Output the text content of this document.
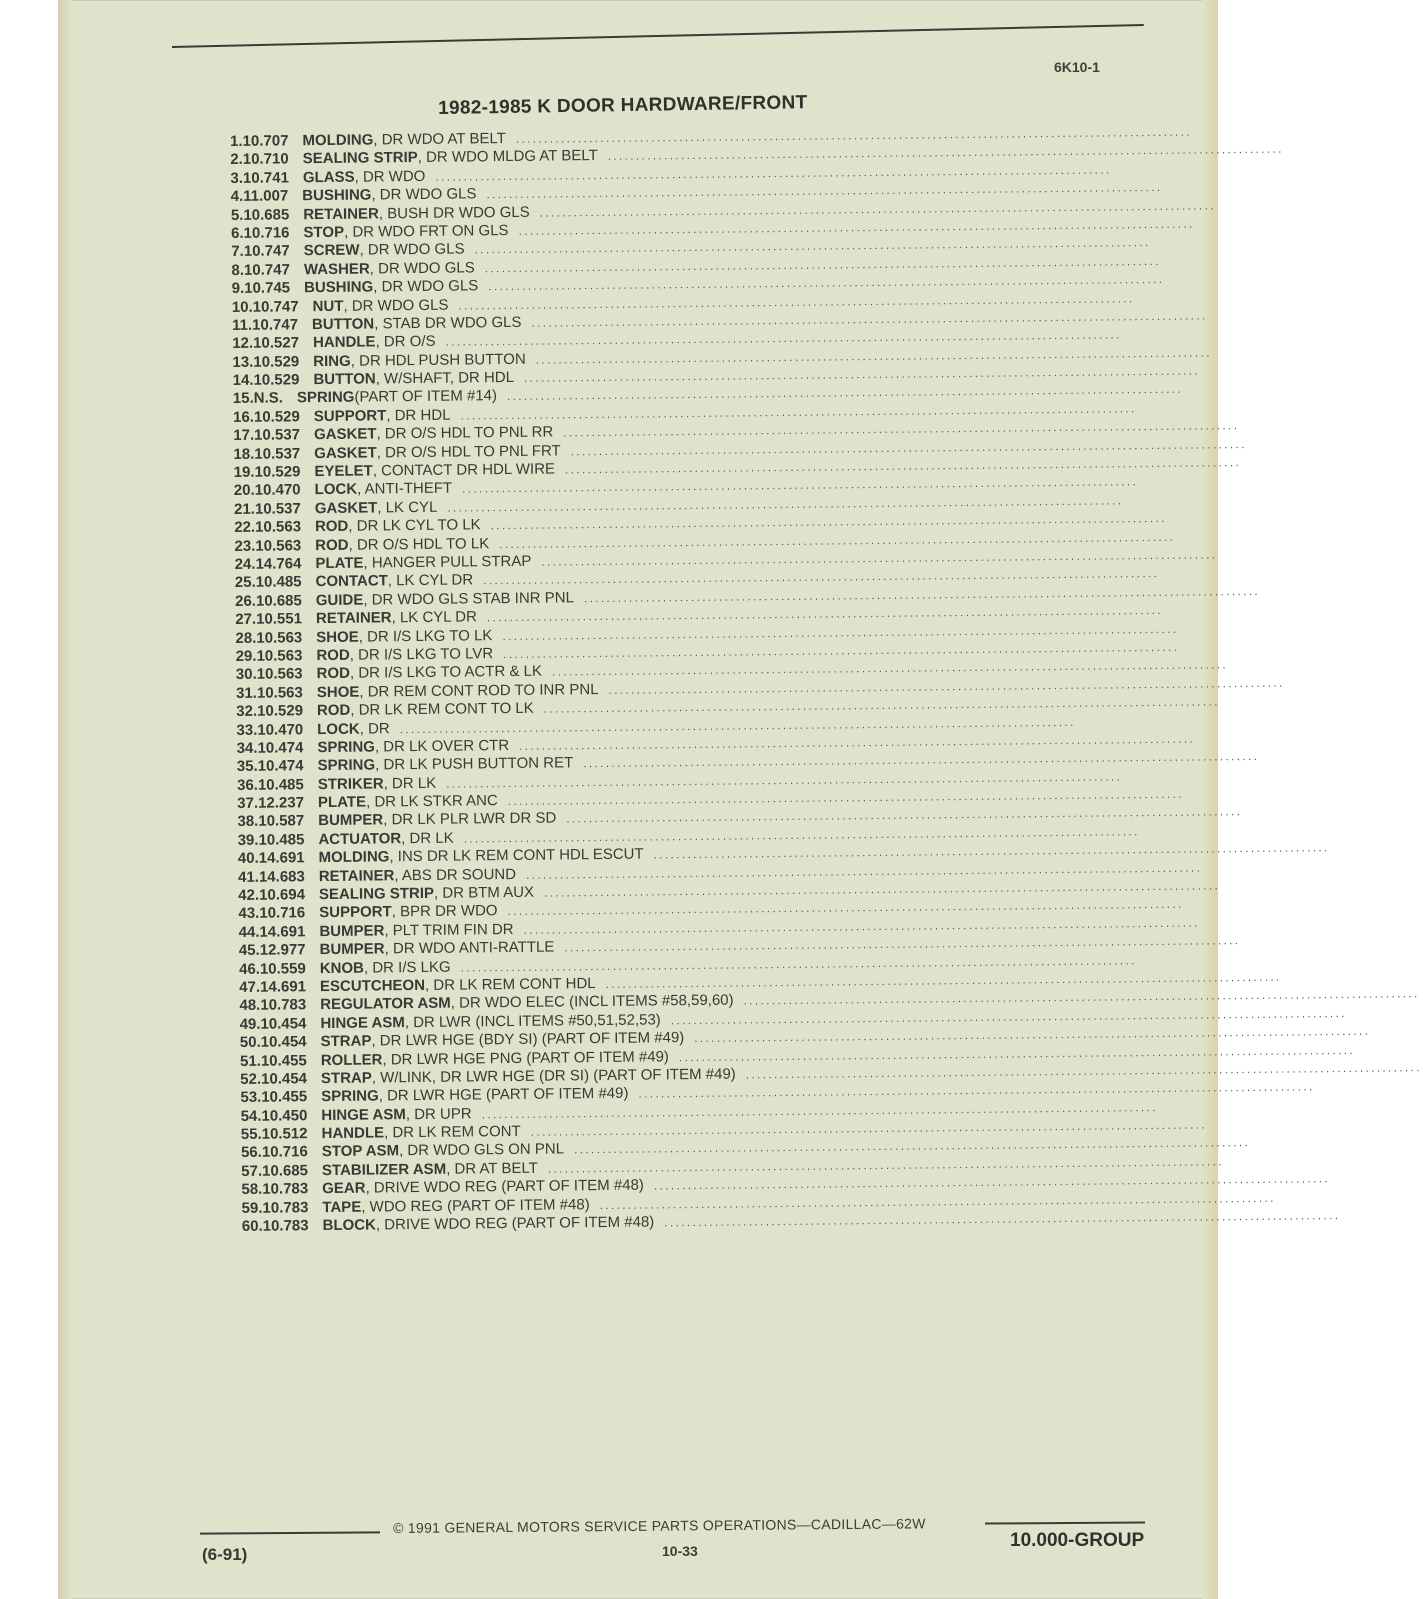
6K10-1
1982-1985 K DOOR HARDWARE/FRONT
1. 10.707 MOLDING , DR WDO AT BELT ........................................................................................................................
2. 10.710 SEALING STRIP , DR WDO MLDG AT BELT ........................................................................................................................
3. 10.741 GLASS , DR WDO ........................................................................................................................
4. 11.007 BUSHING , DR WDO GLS ........................................................................................................................
5. 10.685 RETAINER , BUSH DR WDO GLS ........................................................................................................................
6. 10.716 STOP , DR WDO FRT ON GLS ........................................................................................................................
7. 10.747 SCREW , DR WDO GLS ........................................................................................................................
8. 10.747 WASHER , DR WDO GLS ........................................................................................................................
9. 10.745 BUSHING , DR WDO GLS ........................................................................................................................
10. 10.747 NUT , DR WDO GLS ........................................................................................................................
11. 10.747 BUTTON , STAB DR WDO GLS ........................................................................................................................
12. 10.527 HANDLE , DR O/S ........................................................................................................................
13. 10.529 RING , DR HDL PUSH BUTTON ........................................................................................................................
14. 10.529 BUTTON , W/SHAFT, DR HDL ........................................................................................................................
15. N.S. SPRING (PART OF ITEM #14) ........................................................................................................................
16. 10.529 SUPPORT , DR HDL ........................................................................................................................
17. 10.537 GASKET , DR O/S HDL TO PNL RR ........................................................................................................................
18. 10.537 GASKET , DR O/S HDL TO PNL FRT ........................................................................................................................
19. 10.529 EYELET , CONTACT DR HDL WIRE ........................................................................................................................
20. 10.470 LOCK , ANTI-THEFT ........................................................................................................................
21. 10.537 GASKET , LK CYL ........................................................................................................................
22. 10.563 ROD , DR LK CYL TO LK ........................................................................................................................
23. 10.563 ROD , DR O/S HDL TO LK ........................................................................................................................
24. 14.764 PLATE , HANGER PULL STRAP ........................................................................................................................
25. 10.485 CONTACT , LK CYL DR ........................................................................................................................
26. 10.685 GUIDE , DR WDO GLS STAB INR PNL ........................................................................................................................
27. 10.551 RETAINER , LK CYL DR ........................................................................................................................
28. 10.563 SHOE , DR I/S LKG TO LK ........................................................................................................................
29. 10.563 ROD , DR I/S LKG TO LVR ........................................................................................................................
30. 10.563 ROD , DR I/S LKG TO ACTR & LK ........................................................................................................................
31. 10.563 SHOE , DR REM CONT ROD TO INR PNL ........................................................................................................................
32. 10.529 ROD , DR LK REM CONT TO LK ........................................................................................................................
33. 10.470 LOCK , DR ........................................................................................................................
34. 10.474 SPRING , DR LK OVER CTR ........................................................................................................................
35. 10.474 SPRING , DR LK PUSH BUTTON RET ........................................................................................................................
36. 10.485 STRIKER , DR LK ........................................................................................................................
37. 12.237 PLATE , DR LK STKR ANC ........................................................................................................................
38. 10.587 BUMPER , DR LK PLR LWR DR SD ........................................................................................................................
39. 10.485 ACTUATOR , DR LK ........................................................................................................................
40. 14.691 MOLDING , INS DR LK REM CONT HDL ESCUT ........................................................................................................................
41. 14.683 RETAINER , ABS DR SOUND ........................................................................................................................
42. 10.694 SEALING STRIP , DR BTM AUX ........................................................................................................................
43. 10.716 SUPPORT , BPR DR WDO ........................................................................................................................
44. 14.691 BUMPER , PLT TRIM FIN DR ........................................................................................................................
45. 12.977 BUMPER , DR WDO ANTI-RATTLE ........................................................................................................................
46. 10.559 KNOB , DR I/S LKG ........................................................................................................................
47. 14.691 ESCUTCHEON , DR LK REM CONT HDL ........................................................................................................................
48. 10.783 REGULATOR ASM , DR WDO ELEC (INCL ITEMS #58,59,60) ........................................................................................................................
49. 10.454 HINGE ASM , DR LWR (INCL ITEMS #50,51,52,53) ........................................................................................................................
50. 10.454 STRAP , DR LWR HGE (BDY SI) (PART OF ITEM #49) ........................................................................................................................
51. 10.455 ROLLER , DR LWR HGE PNG (PART OF ITEM #49) ........................................................................................................................
52. 10.454 STRAP , W/LINK, DR LWR HGE (DR SI) (PART OF ITEM #49) ........................................................................................................................
53. 10.455 SPRING , DR LWR HGE (PART OF ITEM #49) ........................................................................................................................
54. 10.450 HINGE ASM , DR UPR ........................................................................................................................
55. 10.512 HANDLE , DR LK REM CONT ........................................................................................................................
56. 10.716 STOP ASM , DR WDO GLS ON PNL ........................................................................................................................
57. 10.685 STABILIZER ASM , DR AT BELT ........................................................................................................................
58. 10.783 GEAR , DRIVE WDO REG (PART OF ITEM #48) ........................................................................................................................
59. 10.783 TAPE , WDO REG (PART OF ITEM #48) ........................................................................................................................
60. 10.783 BLOCK , DRIVE WDO REG (PART OF ITEM #48) ........................................................................................................................
(6-91)
© 1991 GENERAL MOTORS SERVICE PARTS OPERATIONS—CADILLAC—62W
10-33	10.000-GROUP
